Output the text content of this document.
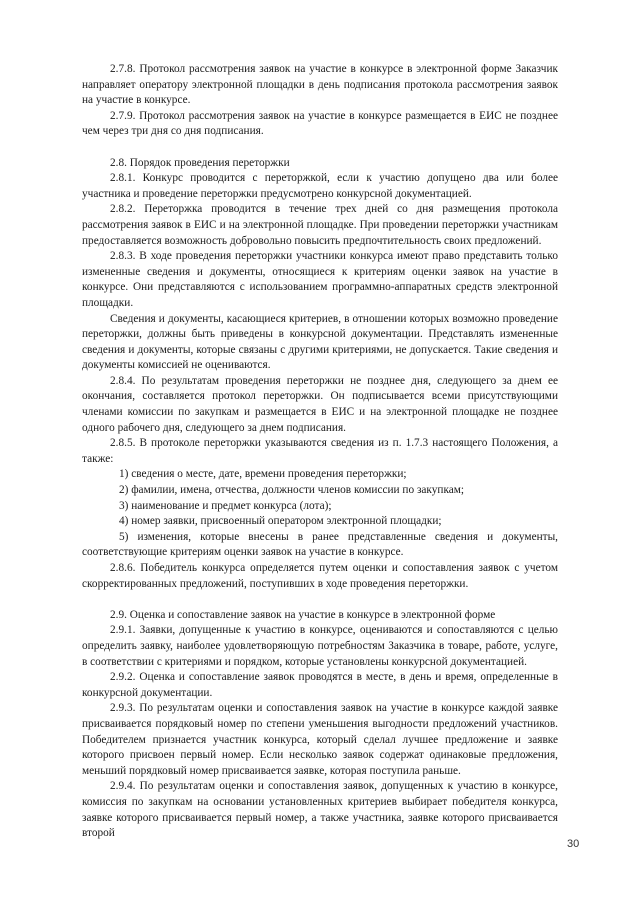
2.7.8. Протокол рассмотрения заявок на участие в конкурсе в электронной форме Заказчик направляет оператору электронной площадки в день подписания протокола рассмотрения заявок на участие в конкурсе.

2.7.9. Протокол рассмотрения заявок на участие в конкурсе размещается в ЕИС не позднее чем через три дня со дня подписания.

2.8. Порядок проведения переторжки

2.8.1. Конкурс проводится с переторжкой, если к участию допущено два или более участника и проведение переторжки предусмотрено конкурсной документацией.

2.8.2. Переторжка проводится в течение трех дней со дня размещения протокола рассмотрения заявок в ЕИС и на электронной площадке. При проведении переторжки участникам предоставляется возможность добровольно повысить предпочтительность своих предложений.

2.8.3. В ходе проведения переторжки участники конкурса имеют право представить только измененные сведения и документы, относящиеся к критериям оценки заявок на участие в конкурсе. Они представляются с использованием программно-аппаратных средств электронной площадки.

Сведения и документы, касающиеся критериев, в отношении которых возможно проведение переторжки, должны быть приведены в конкурсной документации. Представлять измененные сведения и документы, которые связаны с другими критериями, не допускается. Такие сведения и документы комиссией не оцениваются.

2.8.4. По результатам проведения переторжки не позднее дня, следующего за днем ее окончания, составляется протокол переторжки. Он подписывается всеми присутствующими членами комиссии по закупкам и размещается в ЕИС и на электронной площадке не позднее одного рабочего дня, следующего за днем подписания.

2.8.5. В протоколе переторжки указываются сведения из п. 1.7.3 настоящего Положения, а также:

1) сведения о месте, дате, времени проведения переторжки;

2) фамилии, имена, отчества, должности членов комиссии по закупкам;

3) наименование и предмет конкурса (лота);

4) номер заявки, присвоенный оператором электронной площадки;

5) изменения, которые внесены в ранее представленные сведения и документы, соответствующие критериям оценки заявок на участие в конкурсе.

2.8.6. Победитель конкурса определяется путем оценки и сопоставления заявок с учетом скорректированных предложений, поступивших в ходе проведения переторжки.

2.9. Оценка и сопоставление заявок на участие в конкурсе в электронной форме

2.9.1. Заявки, допущенные к участию в конкурсе, оцениваются и сопоставляются с целью определить заявку, наиболее удовлетворяющую потребностям Заказчика в товаре, работе, услуге, в соответствии с критериями и порядком, которые установлены конкурсной документацией.

2.9.2. Оценка и сопоставление заявок проводятся в месте, в день и время, определенные в конкурсной документации.

2.9.3. По результатам оценки и сопоставления заявок на участие в конкурсе каждой заявке присваивается порядковый номер по степени уменьшения выгодности предложений участников. Победителем признается участник конкурса, который сделал лучшее предложение и заявке которого присвоен первый номер. Если несколько заявок содержат одинаковые предложения, меньший порядковый номер присваивается заявке, которая поступила раньше.

2.9.4. По результатам оценки и сопоставления заявок, допущенных к участию в конкурсе, комиссия по закупкам на основании установленных критериев выбирает победителя конкурса, заявке которого присваивается первый номер, а также участника, заявке которого присваивается второй

30
